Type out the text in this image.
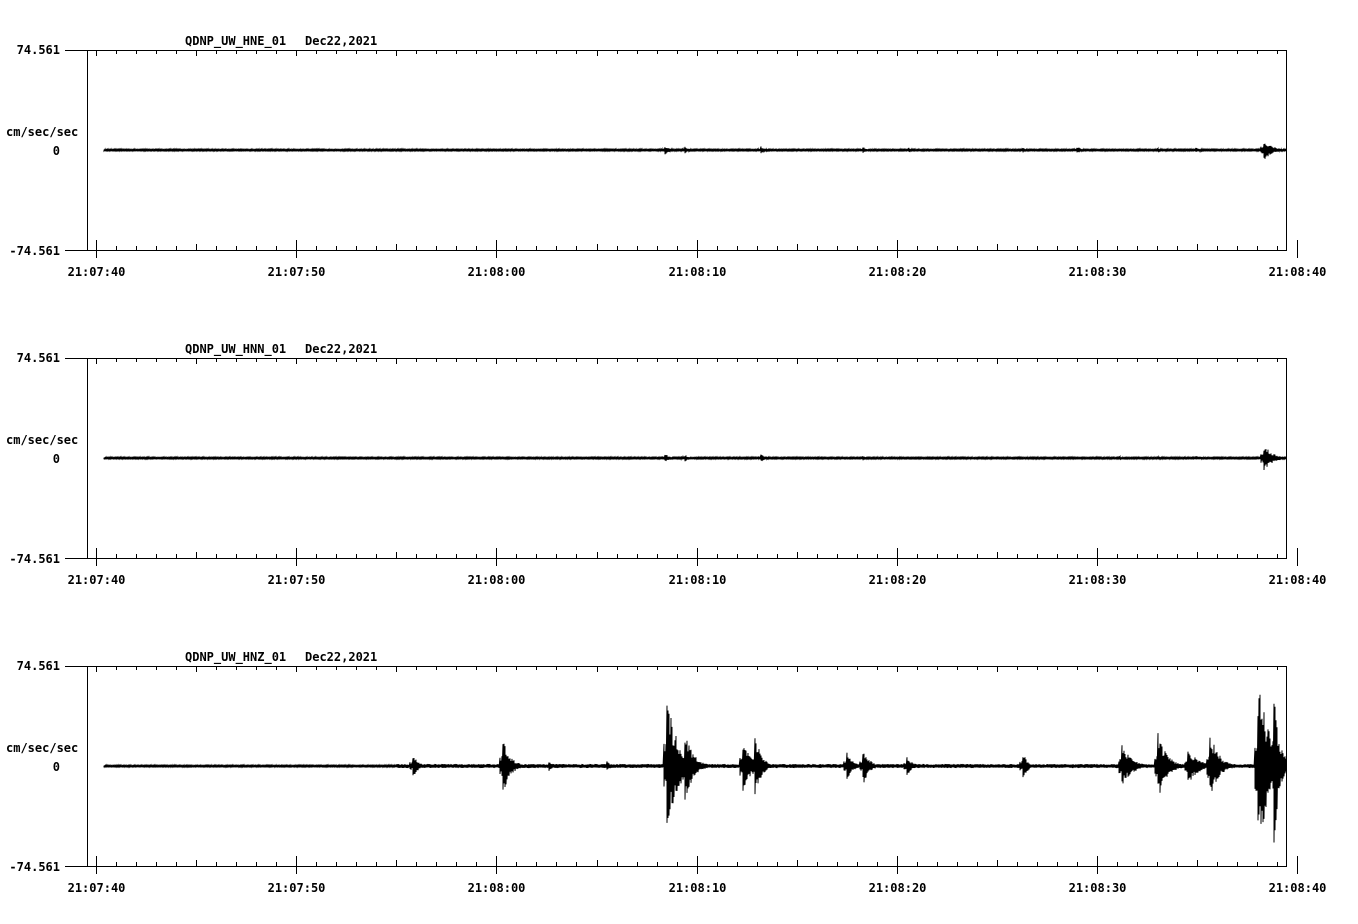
QDNP_UW_HNE_01 Dec22,2021
74.561
0
-74.561
cm/sec/sec
21:07:40	21:07:50	21:08:00	21:08:10	21:08:20	21:08:30	21:08:40
QDNP_UW_HNN_01 Dec22,2021
74.561
0
-74.561
cm/sec/sec
21:07:40	21:07:50	21:08:00	21:08:10	21:08:20	21:08:30	21:08:40
QDNP_UW_HNZ_01 Dec22,2021
74.561
0
-74.561
cm/sec/sec
21:07:40	21:07:50	21:08:00	21:08:10	21:08:20	21:08:30	21:08:40
